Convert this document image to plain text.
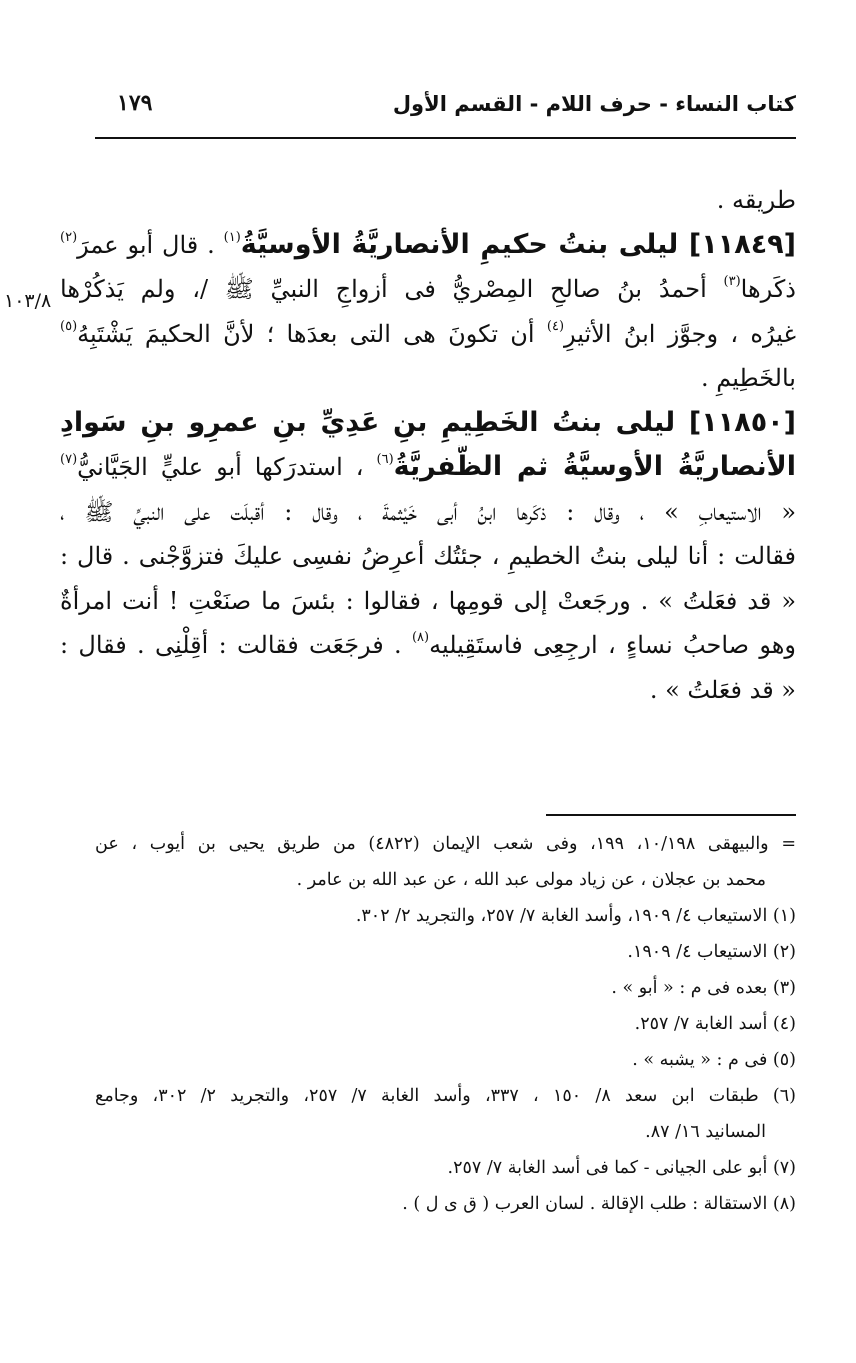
كتاب النساء - حرف اللام - القسم الأول
١٧٩
طريقه .
[١١٨٤٩] ليلى بنتُ حكيمِ الأنصاريَّةُ الأوسيَّةُ$^{(١)}$ . قال أبو عمرَ$^{(٢)}$
ذكَرها$^{(٣)}$ أحمدُ بنُ صالحِ المِصْريُّ فى أزواجِ النبيِّ ﷺ /، ولم يَذكُرْها
غيرُه ، وجوَّز ابنُ الأثيرِ$^{(٤)}$ أن تكونَ هى التى بعدَها ؛ لأنَّ الحكيمَ يَشْتَبِهُ$^{(٥)}$
بالخَطِيمِ .
[١١٨٥٠] ليلى بنتُ الخَطِيمِ بنِ عَدِيِّ بنِ عمرِو بنِ سَوادِ
الأنصاريَّةُ الأوسيَّةُ ثم الظَّفريَّةُ$^{(٦)}$ ، استدرَكها أبو عليٍّ الجَيَّانيُّ$^{(٧)}$
« الاستيعابِ » ، وقال : ذكَرها ابنُ أبى خَيْثمةَ ، وقال : أقبلَت على النبيِّ ﷺ ،
فقالت : أنا ليلى بنتُ الخطيمِ ، جئتُك أعرِضُ نفسِى عليكَ فتزوَّجْنى . قال :
« قد فعَلتُ » . ورجَعتْ إلى قومِها ، فقالوا : بئسَ ما صنَعْتِ ! أنت امرأةٌ
وهو صاحبُ نساءٍ ، ارجِعِى فاستَقِيليه$^{(٨)}$ . فرجَعَت فقالت : أقِلْنِى . فقال :
« قد فعَلتُ » .
١٠٣/٨
= والبيهقى ١٠/١٩٨، ١٩٩، وفى شعب الإيمان (٤٨٢٢) من طريق يحيى بن أيوب ، عن
محمد بن عجلان ، عن زياد مولى عبد الله ، عن عبد الله بن عامر .
(١) الاستيعاب ٤/ ١٩٠٩، وأسد الغابة ٧/ ٢٥٧، والتجريد ٢/ ٣٠٢.
(٢) الاستيعاب ٤/ ١٩٠٩.
(٣) بعده فى م : « أبو » .
(٤) أسد الغابة ٧/ ٢٥٧.
(٥) فى م : « يشبه » .
(٦) طبقات ابن سعد ٨/ ١٥٠ ، ٣٣٧، وأسد الغابة ٧/ ٢٥٧، والتجريد ٢/ ٣٠٢، وجامع
المسانيد ١٦/ ٨٧.
(٧) أبو على الجيانى - كما فى أسد الغابة ٧/ ٢٥٧.
(٨) الاستقالة : طلب الإقالة . لسان العرب ( ق ى ل ) .
